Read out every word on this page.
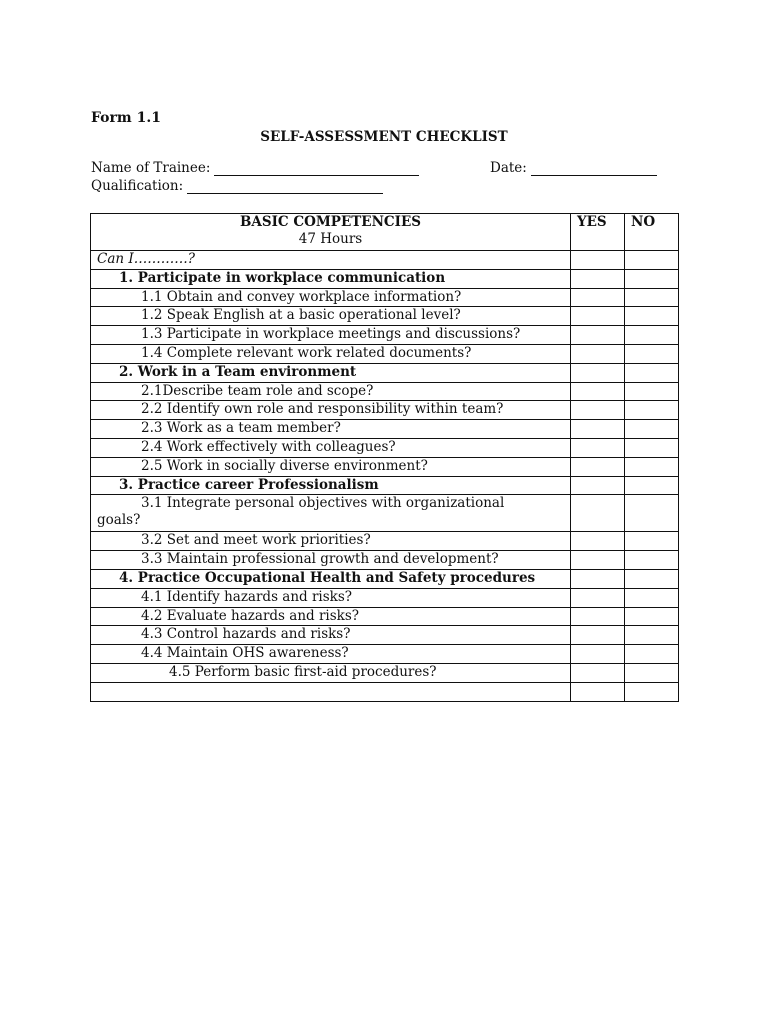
Form 1.1
SELF-ASSESSMENT CHECKLIST
Name of Trainee:	Date:
Qualification:
BASIC COMPETENCIES
47 Hours	YES	NO
Can I…………?		
1. Participate in workplace communication		
1.1 Obtain and convey workplace information?		
1.2 Speak English at a basic operational level?		
1.3 Participate in workplace meetings and discussions?		
1.4 Complete relevant work related documents?		
2. Work in a Team environment		
2.1Describe team role and scope?		
2.2 Identify own role and responsibility within team?		
2.3 Work as a team member?		
2.4 Work effectively with colleagues?		
2.5 Work in socially diverse environment?		
3. Practice career Professionalism		

3.1 Integrate personal objectives with organizational
goals?		
3.2 Set and meet work priorities?		
3.3 Maintain professional growth and development?		
4. Practice Occupational Health and Safety procedures		
4.1 Identify hazards and risks?		
4.2 Evaluate hazards and risks?		
4.3 Control hazards and risks?		
4.4 Maintain OHS awareness?		
4.5 Perform basic first-aid procedures?		
